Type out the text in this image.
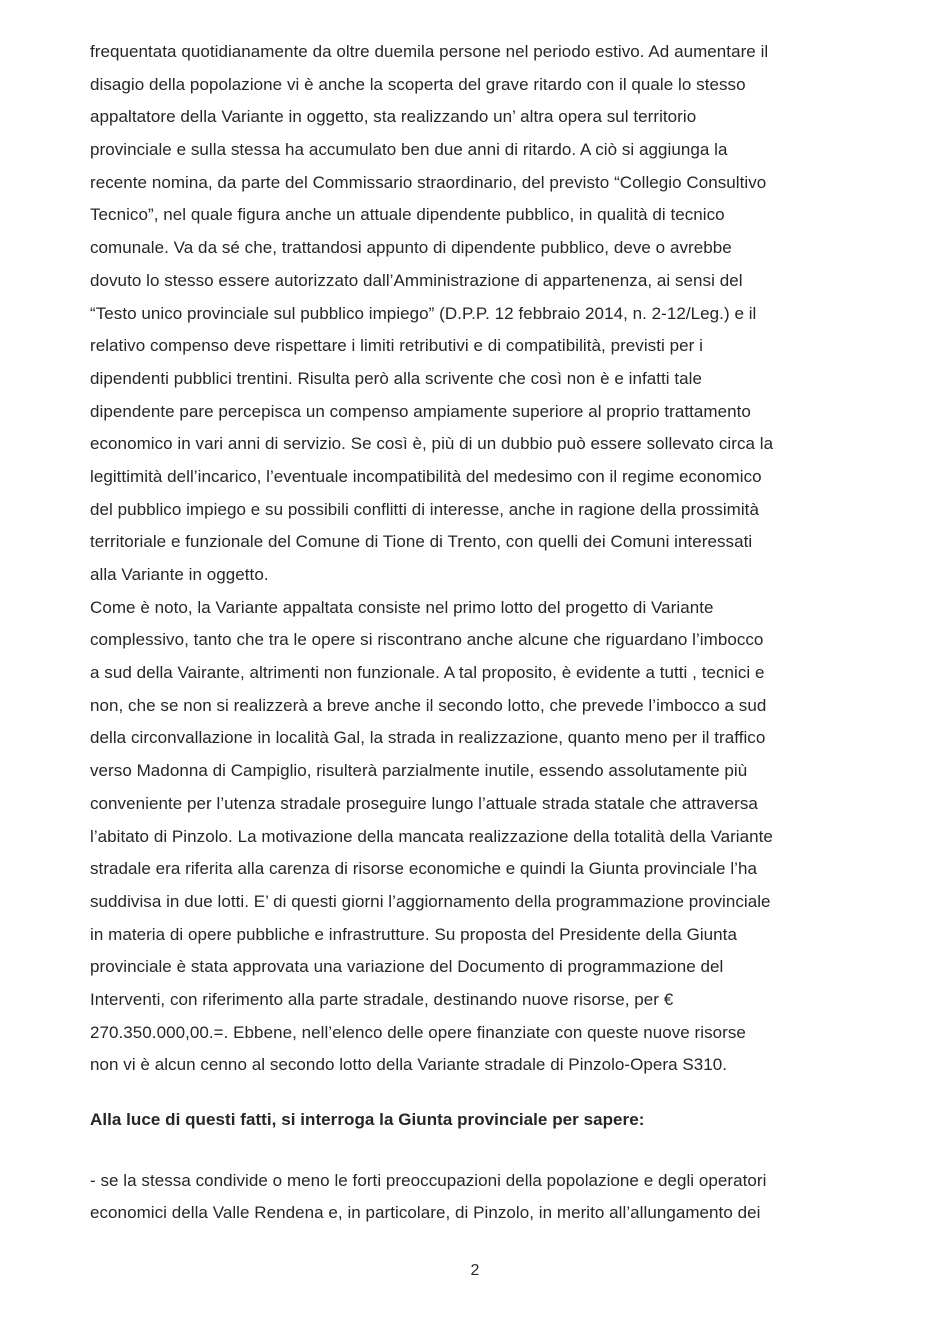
frequentata quotidianamente da oltre duemila persone nel periodo estivo. Ad aumentare il
disagio della popolazione vi è anche la scoperta del grave ritardo con il quale lo stesso
appaltatore della Variante in oggetto, sta realizzando un’ altra opera sul territorio
provinciale e sulla stessa ha accumulato ben due anni di ritardo. A ciò si aggiunga la
recente nomina, da parte del Commissario straordinario, del previsto “Collegio Consultivo
Tecnico”, nel quale figura anche un attuale dipendente pubblico, in qualità di tecnico
comunale. Va da sé che, trattandosi appunto di dipendente pubblico, deve o avrebbe
dovuto lo stesso essere autorizzato dall’Amministrazione di appartenenza, ai sensi del
“Testo unico provinciale sul pubblico impiego” (D.P.P. 12 febbraio 2014, n. 2-12/Leg.) e il
relativo compenso deve rispettare i limiti retributivi e di compatibilità, previsti per i
dipendenti pubblici trentini. Risulta però alla scrivente che così non è e infatti tale
dipendente pare percepisca un compenso ampiamente superiore al proprio trattamento
economico in vari anni di servizio. Se così è, più di un dubbio può essere sollevato circa la
legittimità dell’incarico, l’eventuale incompatibilità del medesimo con il regime economico
del pubblico impiego e su possibili conflitti di interesse, anche in ragione della prossimità
territoriale e funzionale del Comune di Tione di Trento, con quelli dei Comuni interessati
alla Variante in oggetto.
Come è noto, la Variante appaltata consiste nel primo lotto del progetto di Variante
complessivo, tanto che tra le opere si riscontrano anche alcune che riguardano l’imbocco
a sud della Vairante, altrimenti non funzionale. A tal proposito, è evidente a tutti , tecnici e
non, che se non si realizzerà a breve anche il secondo lotto, che prevede l’imbocco a sud
della circonvallazione in località Gal, la strada in realizzazione, quanto meno per il traffico
verso Madonna di Campiglio, risulterà parzialmente inutile, essendo assolutamente più
conveniente per l’utenza stradale proseguire lungo l’attuale strada statale che attraversa
l’abitato di Pinzolo. La motivazione della mancata realizzazione della totalità della Variante
stradale era riferita alla carenza di risorse economiche e quindi la Giunta provinciale l’ha
suddivisa in due lotti. E’ di questi giorni l’aggiornamento della programmazione provinciale
in materia di opere pubbliche e infrastrutture. Su proposta del Presidente della Giunta
provinciale è stata approvata una variazione del Documento di programmazione del
Interventi, con riferimento alla parte stradale, destinando nuove risorse, per €
270.350.000,00.=. Ebbene, nell’elenco delle opere finanziate con queste nuove risorse
non vi è alcun cenno al secondo lotto della Variante stradale di Pinzolo-Opera S310.
Alla luce di questi fatti, si interroga la Giunta provinciale per sapere:
- se la stessa condivide o meno le forti preoccupazioni della popolazione e degli operatori
economici della Valle Rendena e, in particolare, di Pinzolo, in merito all’allungamento dei
2
